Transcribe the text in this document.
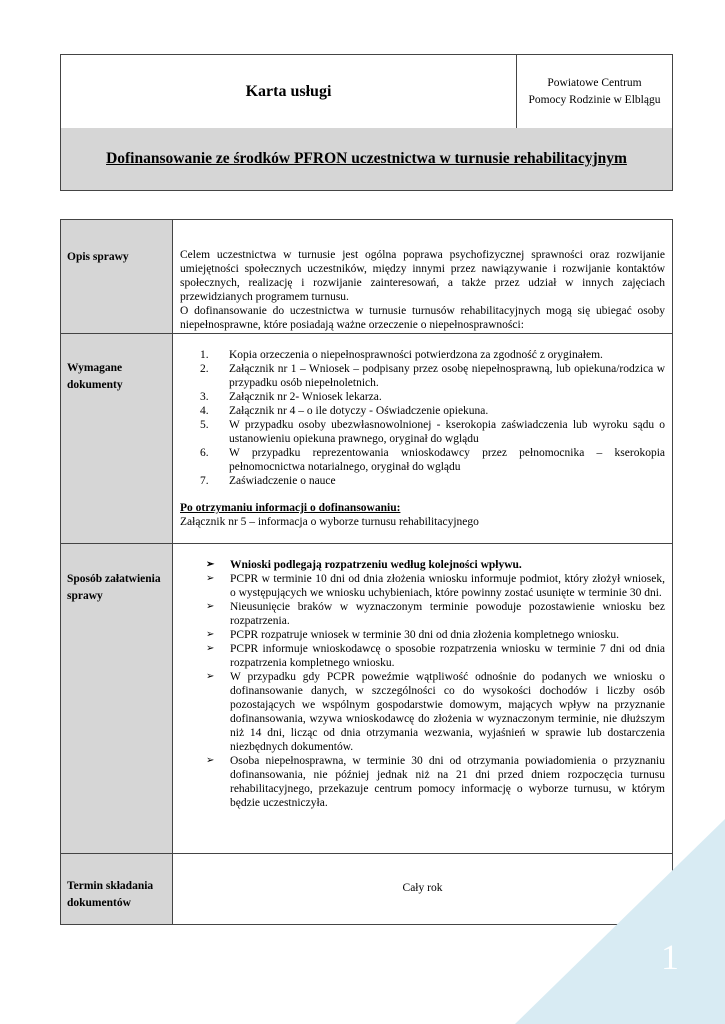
Karta usługi	Powiatowe Centrum
Pomocy Rodzinie w Elblągu
Dofinansowanie ze środków PFRON uczestnictwa w turnusie rehabilitacyjnym
Opis sprawy	Celem uczestnictwa w turnusie jest ogólna poprawa psychofizycznej sprawności oraz rozwijanie umiejętności społecznych uczestników, między innymi przez nawiązywanie i rozwijanie kontaktów społecznych, realizację i rozwijanie zainteresowań, a także przez udział w innych zajęciach przewidzianych programem turnusu.

O dofinansowanie do uczestnictwa w turnusie turnusów rehabilitacyjnych mogą się ubiegać osoby niepełnosprawne, które posiadają ważne orzeczenie o niepełnosprawności:

Wymagane dokumenty
1. Kopia orzeczenia o niepełnosprawności potwierdzona za zgodność z oryginałem.
2. Załącznik nr 1 – Wniosek – podpisany przez osobę niepełnosprawną, lub opiekuna/rodzica w przypadku osób niepełnoletnich.
3. Załącznik nr 2- Wniosek lekarza.
4. Załącznik nr 4 – o ile dotyczy - Oświadczenie opiekuna.
5. W przypadku osoby ubezwłasnowolnionej - kserokopia zaświadczenia lub wyroku sądu o ustanowieniu opiekuna prawnego, oryginał do wglądu
6. W przypadku reprezentowania wnioskodawcy przez pełnomocnika – kserokopia pełnomocnictwa notarialnego, oryginał do wglądu
7. Zaświadczenie o nauce

Po otrzymaniu informacji o dofinansowaniu:

Załącznik nr 5 – informacja o wyborze turnusu rehabilitacyjnego

Sposób załatwienia sprawy
➢ Wnioski podlegają rozpatrzeniu według kolejności wpływu.
➢ PCPR w terminie 10 dni od dnia złożenia wniosku informuje podmiot, który złożył wniosek, o występujących we wniosku uchybieniach, które powinny zostać usunięte w terminie 30 dni.
➢ Nieusunięcie braków w wyznaczonym terminie powoduje pozostawienie wniosku bez rozpatrzenia.
➢ PCPR rozpatruje wniosek w terminie 30 dni od dnia złożenia kompletnego wniosku.
➢ PCPR informuje wnioskodawcę o sposobie rozpatrzenia wniosku w terminie 7 dni od dnia rozpatrzenia kompletnego wniosku.
➢ W przypadku gdy PCPR poweźmie wątpliwość odnośnie do podanych we wniosku o dofinansowanie danych, w szczególności co do wysokości dochodów i liczby osób pozostających we wspólnym gospodarstwie domowym, mających wpływ na przyznanie dofinansowania, wzywa wnioskodawcę do złożenia w wyznaczonym terminie, nie dłuższym niż 14 dni, licząc od dnia otrzymania wezwania, wyjaśnień w sprawie lub dostarczenia niezbędnych dokumentów.
➢ Osoba niepełnosprawna, w terminie 30 dni od otrzymania powiadomienia o przyznaniu dofinansowania, nie później jednak niż na 21 dni przed dniem rozpoczęcia turnusu rehabilitacyjnego, przekazuje centrum pomocy informację o wyborze turnusu, w którym będzie uczestniczyła.
Termin składania dokumentów
Cały rok
1
